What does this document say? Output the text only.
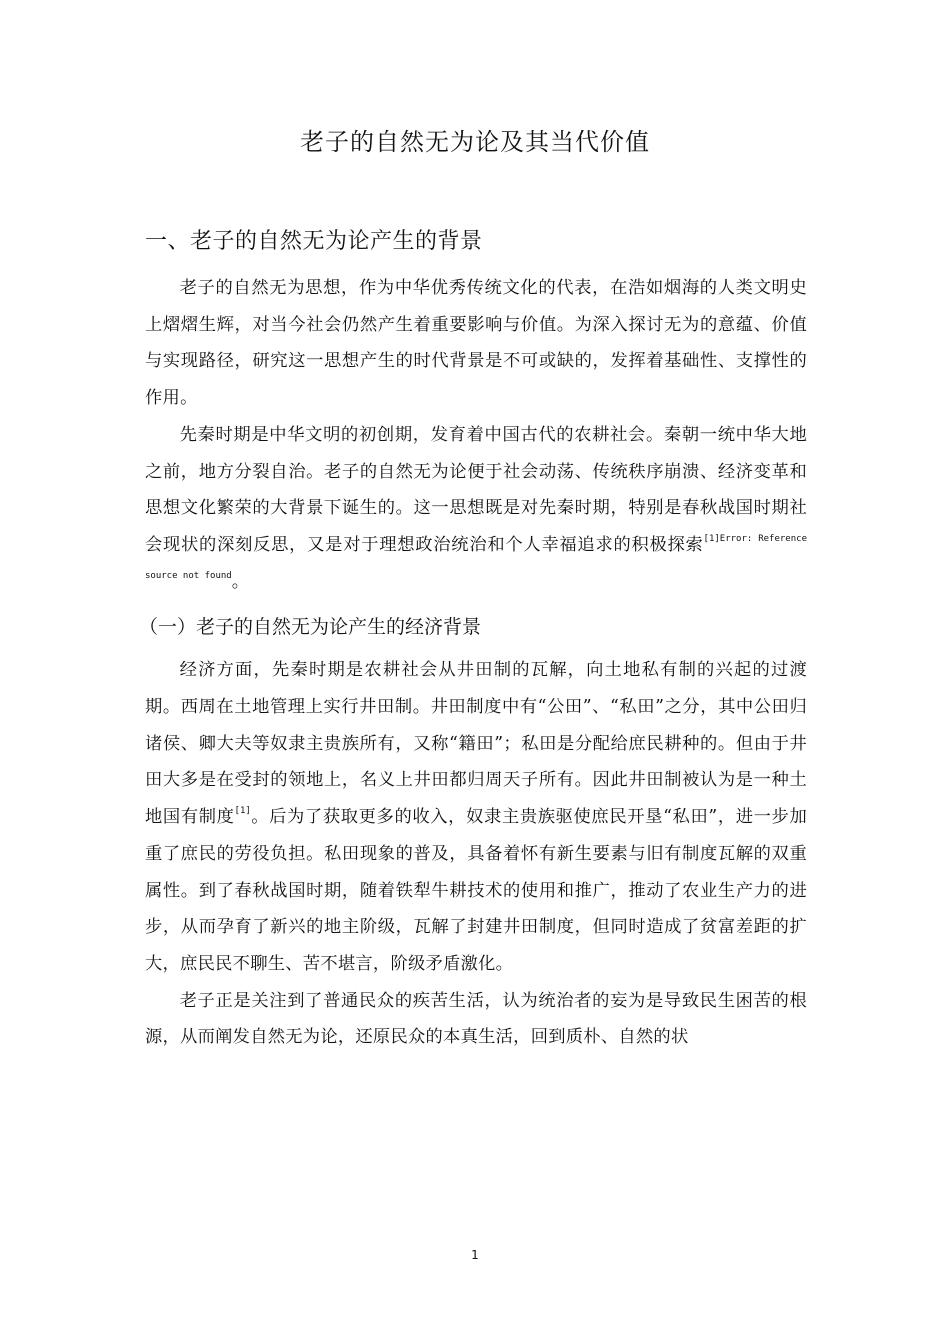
老子的自然无为论及其当代价值
一、老子的自然无为论产生的背景

老子的自然无为思想，作为中华优秀传统文化的代表，在浩如烟海的人类文明史上熠熠生辉，对当今社会仍然产生着重要影响与价值。为深入探讨无为的意蕴、价值与实现路径，研究这一思想产生的时代背景是不可或缺的，发挥着基础性、支撑性的作用。

先秦时期是中华文明的初创期，发育着中国古代的农耕社会。秦朝一统中华大地之前，地方分裂自治。老子的自然无为论便于社会动荡、传统秩序崩溃、经济变革和思想文化繁荣的大背景下诞生的。这一思想既是对先秦时期，特别是春秋战国时期社会现状的深刻反思，又是对于理想政治统治和个人幸福追求的积极探索$^{[1]Error: Reference source not found}$。

（一）老子的自然无为论产生的经济背景

经济方面，先秦时期是农耕社会从井田制的瓦解，向土地私有制的兴起的过渡期。西周在土地管理上实行井田制。井田制度中有“公田”、“私田”之分，其中公田归诸侯、卿大夫等奴隶主贵族所有，又称“籍田”；私田是分配给庶民耕种的。但由于井田大多是在受封的领地上，名义上井田都归周天子所有。因此井田制被认为是一种土地国有制度[1]。后为了获取更多的收入，奴隶主贵族驱使庶民开垦“私田”，进一步加重了庶民的劳役负担。私田现象的普及，具备着怀有新生要素与旧有制度瓦解的双重属性。到了春秋战国时期，随着铁犁牛耕技术的使用和推广，推动了农业生产力的进步，从而孕育了新兴的地主阶级，瓦解了封建井田制度，但同时造成了贫富差距的扩大，庶民民不聊生、苦不堪言，阶级矛盾激化。

老子正是关注到了普通民众的疾苦生活，认为统治者的妄为是导致民生困苦的根源，从而阐发自然无为论，还原民众的本真生活，回到质朴、自然的状

1
